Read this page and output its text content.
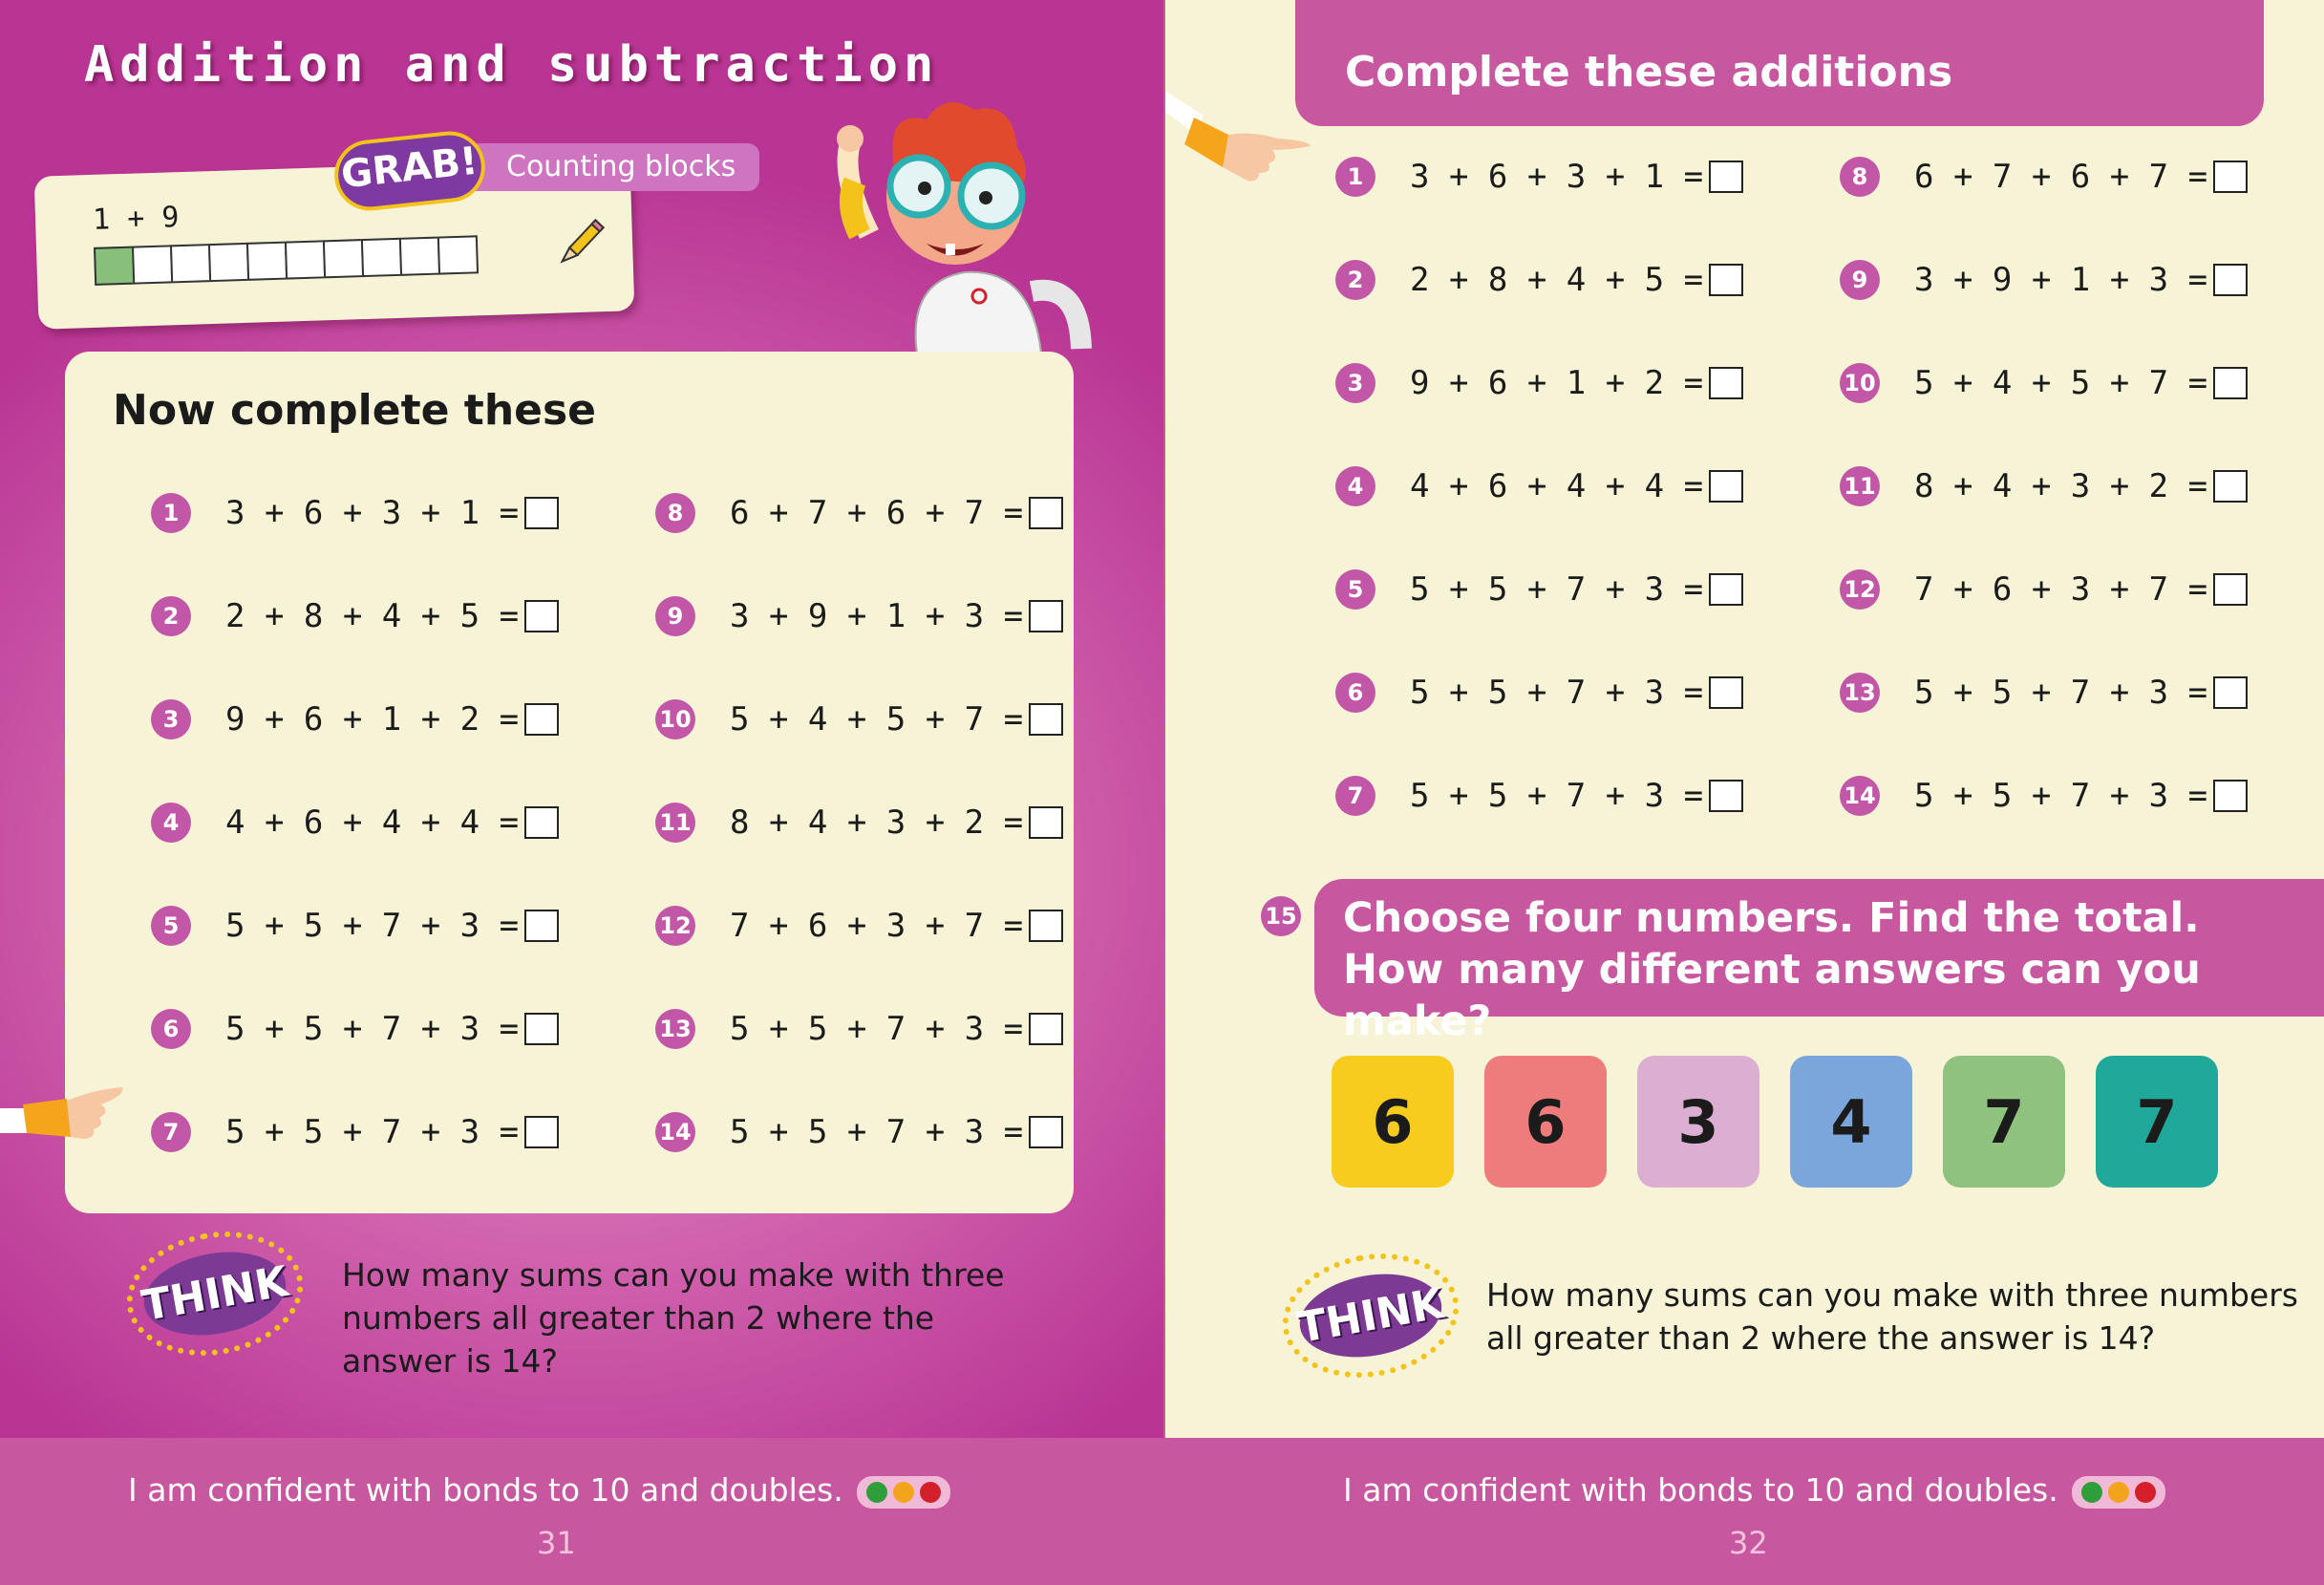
Addition and subtraction
1 + 9
Counting blocks
GRAB!
Now complete these
1	3 + 6 + 3 + 1 =
2	2 + 8 + 4 + 5 =
3	9 + 6 + 1 + 2 =
4	4 + 6 + 4 + 4 =
5	5 + 5 + 7 + 3 =
6	5 + 5 + 7 + 3 =
7	5 + 5 + 7 + 3 =
8	6 + 7 + 6 + 7 =
9	3 + 9 + 1 + 3 =
10 5 + 4 + 5 + 7 =
11 8 + 4 + 3 + 2 =
12 7 + 6 + 3 + 7 =
13 5 + 5 + 7 + 3 =
14 5 + 5 + 7 + 3 =
THINK How many sums can you make with three
numbers all greater than 2 where the
answer is 14?
Complete these additions
1	3 + 6 + 3 + 1 =
2	2 + 8 + 4 + 5 =
3	9 + 6 + 1 + 2 =
4	4 + 6 + 4 + 4 =
5	5 + 5 + 7 + 3 =
6	5 + 5 + 7 + 3 =
7	5 + 5 + 7 + 3 =
8	6 + 7 + 6 + 7 =
9	3 + 9 + 1 + 3 =
10 5 + 4 + 5 + 7 =
11 8 + 4 + 3 + 2 =
12 7 + 6 + 3 + 7 =
13 5 + 5 + 7 + 3 =
14 5 + 5 + 7 + 3 =
15 Choose four numbers. Find the total.
How many different answers can you make?
6	6	3	4	7	7
THINK How many sums can you make with three numbers
all greater than 2 where the answer is 14?
I am confident with bonds to 10 and doubles.
31
I am confident with bonds to 10 and doubles.
32
